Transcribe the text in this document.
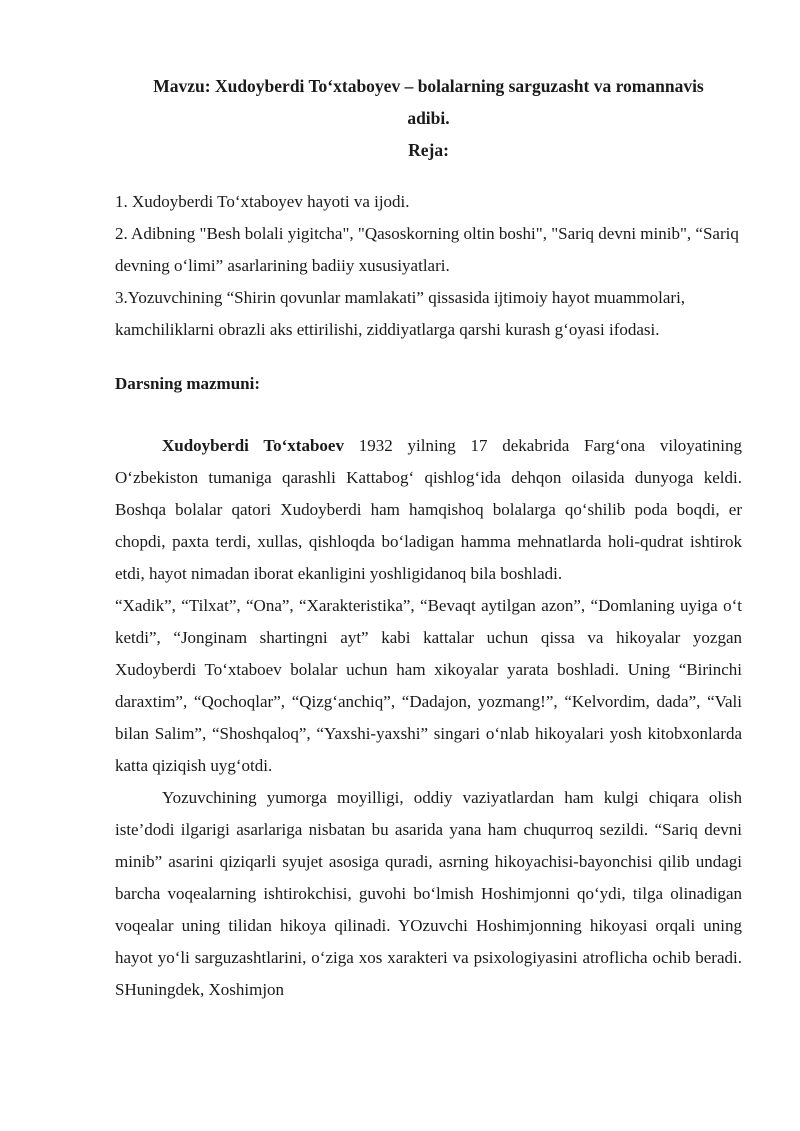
Mavzu: Xudoyberdi To‘xtaboyev – bolalarning sarguzasht va romannavis
adibi.
Reja:

1. Xudoyberdi To‘xtaboyev hayoti va ijodi.

2. Adibning "Besh bolali yigitcha", "Qasoskorning oltin boshi", "Sariq devni minib", “Sariq devning o‘limi” asarlarining badiiy xususiyatlari.

3.Yozuvchining “Shirin qovunlar mamlakati” qissasida ijtimoiy hayot muammolari, kamchiliklarni obrazli aks ettirilishi, ziddiyatlarga qarshi kurash g‘oyasi ifodasi.

Darsning mazmuni:

Xudoyberdi To‘xtaboev 1932 yilning 17 dekabrida Farg‘ona viloyatining O‘zbekiston tumaniga qarashli Kattabog‘ qishlog‘ida dehqon oilasida dunyoga keldi. Boshqa bolalar qatori Xudoyberdi ham hamqishoq bolalarga qo‘shilib poda boqdi, er chopdi, paxta terdi, xullas, qishloqda bo‘ladigan hamma mehnatlarda holi-qudrat ishtirok etdi, hayot nimadan iborat ekanligini yoshligidanoq bila boshladi.

“Xadik”, “Tilxat”, “Ona”, “Xarakteristika”, “Bevaqt aytilgan azon”, “Domlaning uyiga o‘t ketdi”, “Jonginam shartingni ayt” kabi kattalar uchun qissa va hikoyalar yozgan Xudoyberdi To‘xtaboev bolalar uchun ham xikoyalar yarata boshladi. Uning “Birinchi daraxtim”, “Qochoqlar”, “Qizg‘anchiq”, “Dadajon, yozmang!”, “Kelvordim, dada”, “Vali bilan Salim”, “Shoshqaloq”, “Yaxshi-yaxshi” singari o‘nlab hikoyalari yosh kitobxonlarda katta qiziqish uyg‘otdi.

Yozuvchining yumorga moyilligi, oddiy vaziyatlardan ham kulgi chiqara olish iste’dodi ilgarigi asarlariga nisbatan bu asarida yana ham chuqurroq sezildi. “Sariq devni minib” asarini qiziqarli syujet asosiga quradi, asrning hikoyachisi-bayonchisi qilib undagi barcha voqealarning ishtirokchisi, guvohi bo‘lmish Hoshimjonni qo‘ydi, tilga olinadigan voqealar uning tilidan hikoya qilinadi. YOzuvchi Hoshimjonning hikoyasi orqali uning hayot yo‘li sarguzashtlarini, o‘ziga xos xarakteri va psixologiyasini atroflicha ochib beradi. SHuningdek, Xoshimjon
